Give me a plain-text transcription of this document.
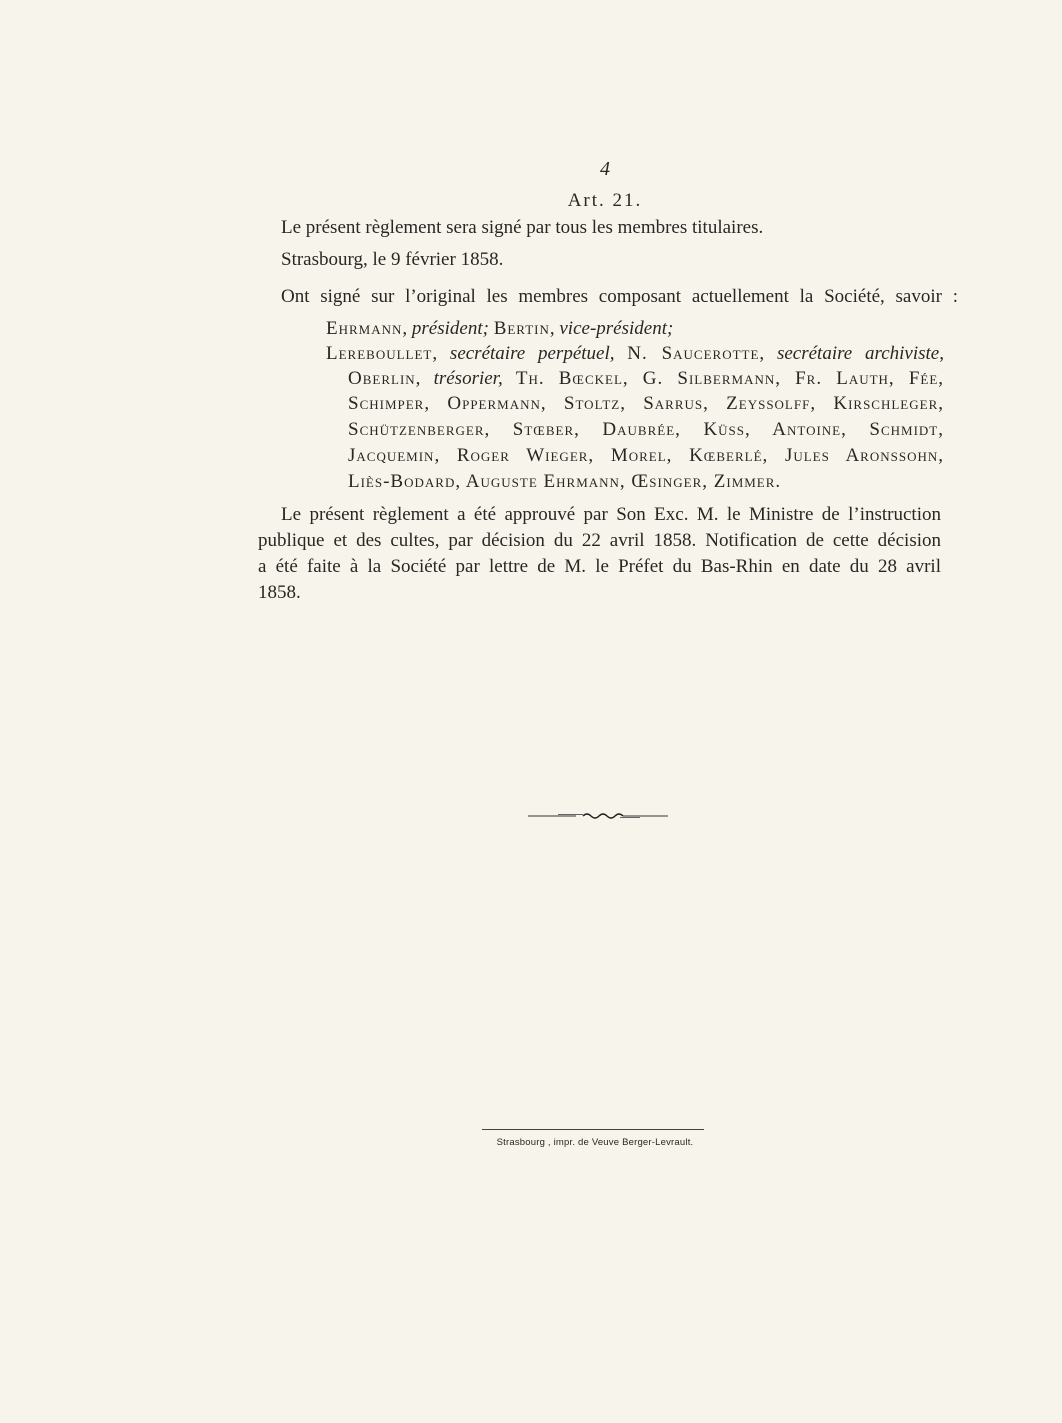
4
Art. 21.
Le présent règlement sera signé par tous les membres titulaires.
Strasbourg, le 9 février 1858.
Ont signé sur l’original les membres composant actuellement la Société, savoir :
Ehrmann, président; Bertin, vice-président;
Lereboullet, secrétaire perpétuel, N. Saucerotte, secrétaire archiviste,
Oberlin, trésorier, Th. Bœckel, G. Silbermann, Fr. Lauth, Fée,
Schimper, Oppermann, Stoltz, Sarrus, Zeyssolff, Kirschleger,
Schützenberger, Stœber, Daubrée, Küss, Antoine, Schmidt,
Jacquemin, Roger Wieger, Morel, Kœberlé, Jules Aronssohn,
Liès-Bodard, Auguste Ehrmann, Œsinger, Zimmer.
Le présent règlement a été approuvé par Son Exc. M. le Ministre de l’instruction
publique et des cultes, par décision du 22 avril 1858. Notification de cette décision
a été faite à la Société par lettre de M. le Préfet du Bas-Rhin en date du 28 avril
1858.
Strasbourg , impr. de Veuve Berger-Levrault.
